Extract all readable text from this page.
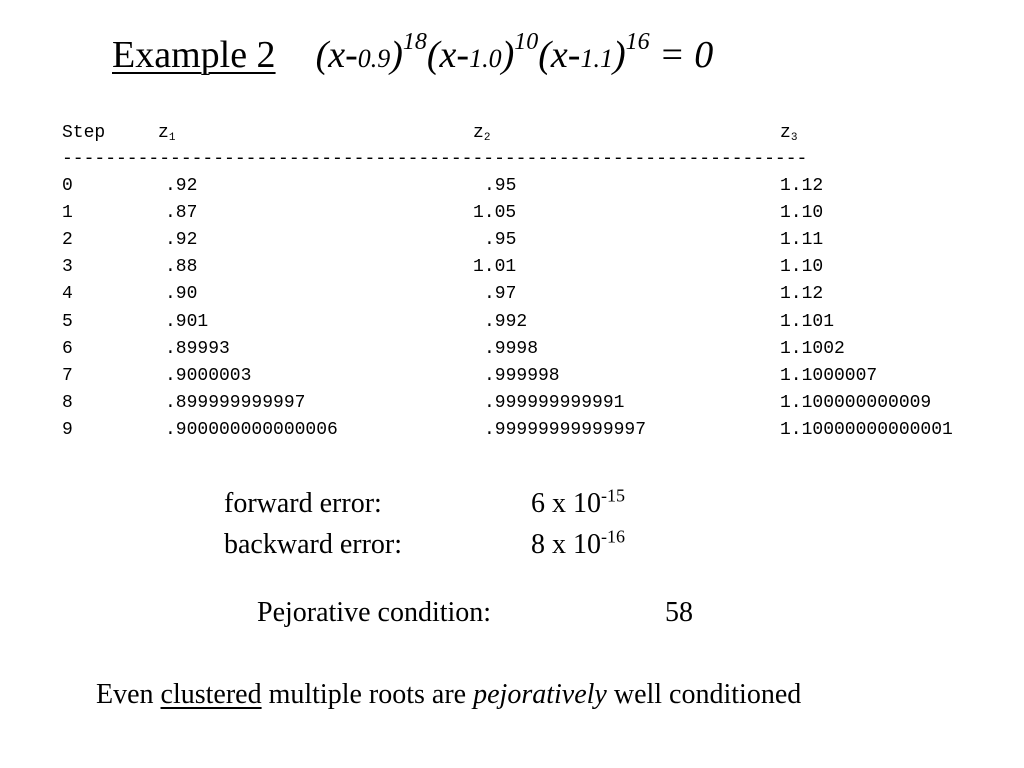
Example 2 $(x-0.9)^{18}(x-1.0)^{10}(x-1.1)^{16} = 0$
Step	$z_1$	$z_2$	$z_3$
---------------------------------------------------------------------
0	.92	.95	1.12
1	.87	1.05	1.10
2	.92	.95	1.11
3	.88	1.01	1.10
4	.90	.97	1.12
5	.901	.992	1.101
6	.89993	.9998	1.1002
7	.9000003	.999998	1.1000007
8	.899999999997	.999999999991	1.100000000009
9	.900000000000006	.99999999999997	1.10000000000001
forward error:	6 x $10^{-15}$
backward error:	8 x $10^{-16}$
Pejorative condition:	58
Even clustered multiple roots are pejoratively well conditioned
